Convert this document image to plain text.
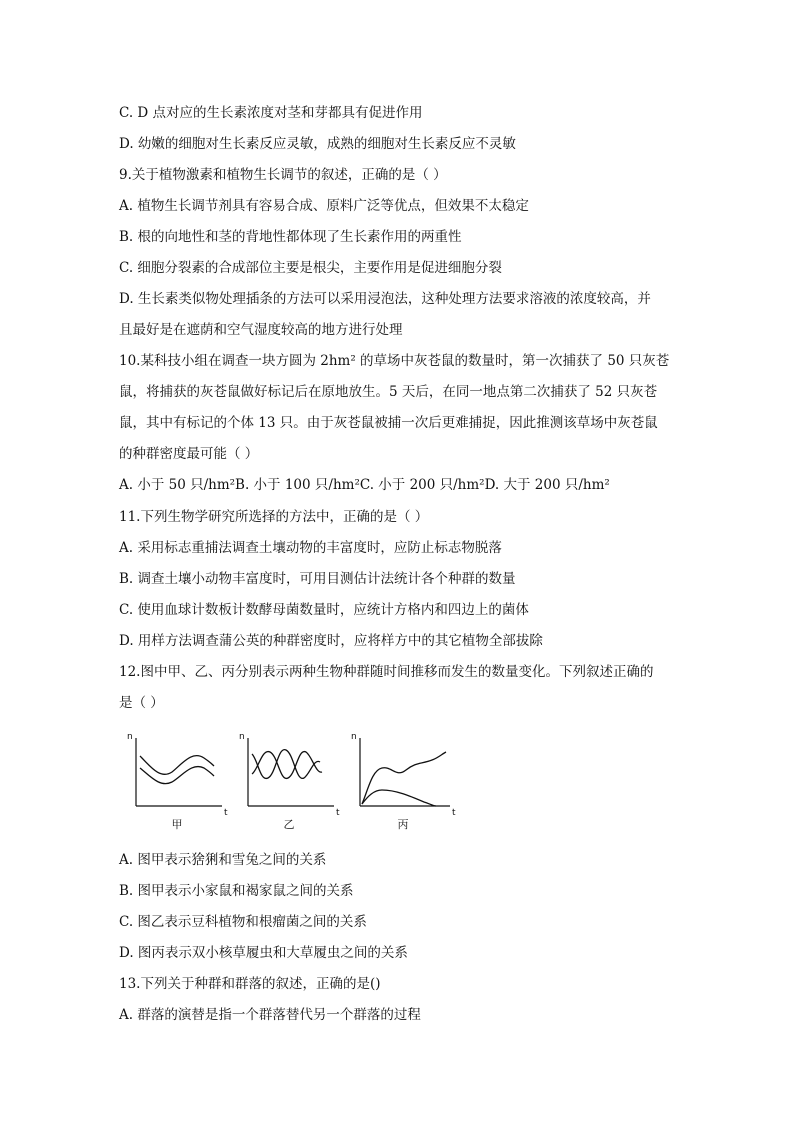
C. D 点对应的生长素浓度对茎和芽都具有促进作用
D. 幼嫩的细胞对生长素反应灵敏，成熟的细胞对生长素反应不灵敏
9.关于植物激素和植物生长调节的叙述，正确的是（ ）
A. 植物生长调节剂具有容易合成、原料广泛等优点，但效果不太稳定
B. 根的向地性和茎的背地性都体现了生长素作用的两重性
C. 细胞分裂素的合成部位主要是根尖，主要作用是促进细胞分裂
D. 生长素类似物处理插条的方法可以采用浸泡法，这种处理方法要求溶液的浓度较高，并
且最好是在遮荫和空气湿度较高的地方进行处理
10.某科技小组在调查一块方圆为 2hm² 的草场中灰苍鼠的数量时，第一次捕获了 50 只灰苍
鼠，将捕获的灰苍鼠做好标记后在原地放生。5 天后，在同一地点第二次捕获了 52 只灰苍
鼠，其中有标记的个体 13 只。由于灰苍鼠被捕一次后更难捕捉，因此推测该草场中灰苍鼠
的种群密度最可能（ ）
A. 小于 50 只/hm²B. 小于 100 只/hm²C. 小于 200 只/hm²D. 大于 200 只/hm²
11.下列生物学研究所选择的方法中，正确的是（ ）
A. 采用标志重捕法调查土壤动物的丰富度时，应防止标志物脱落
B. 调查土壤小动物丰富度时，可用目测估计法统计各个种群的数量
C. 使用血球计数板计数酵母菌数量时，应统计方格内和四边上的菌体
D. 用样方法调查蒲公英的种群密度时，应将样方中的其它植物全部拔除
12.图中甲、乙、丙分别表示两种生物种群随时间推移而发生的数量变化。下列叙述正确的
是（ ）
n
t
甲
n
t
乙
n
t
丙
A. 图甲表示猞猁和雪兔之间的关系
B. 图甲表示小家鼠和褐家鼠之间的关系
C. 图乙表示豆科植物和根瘤菌之间的关系
D. 图丙表示双小核草履虫和大草履虫之间的关系
13.下列关于种群和群落的叙述，正确的是()
A. 群落的演替是指一个群落替代另一个群落的过程
